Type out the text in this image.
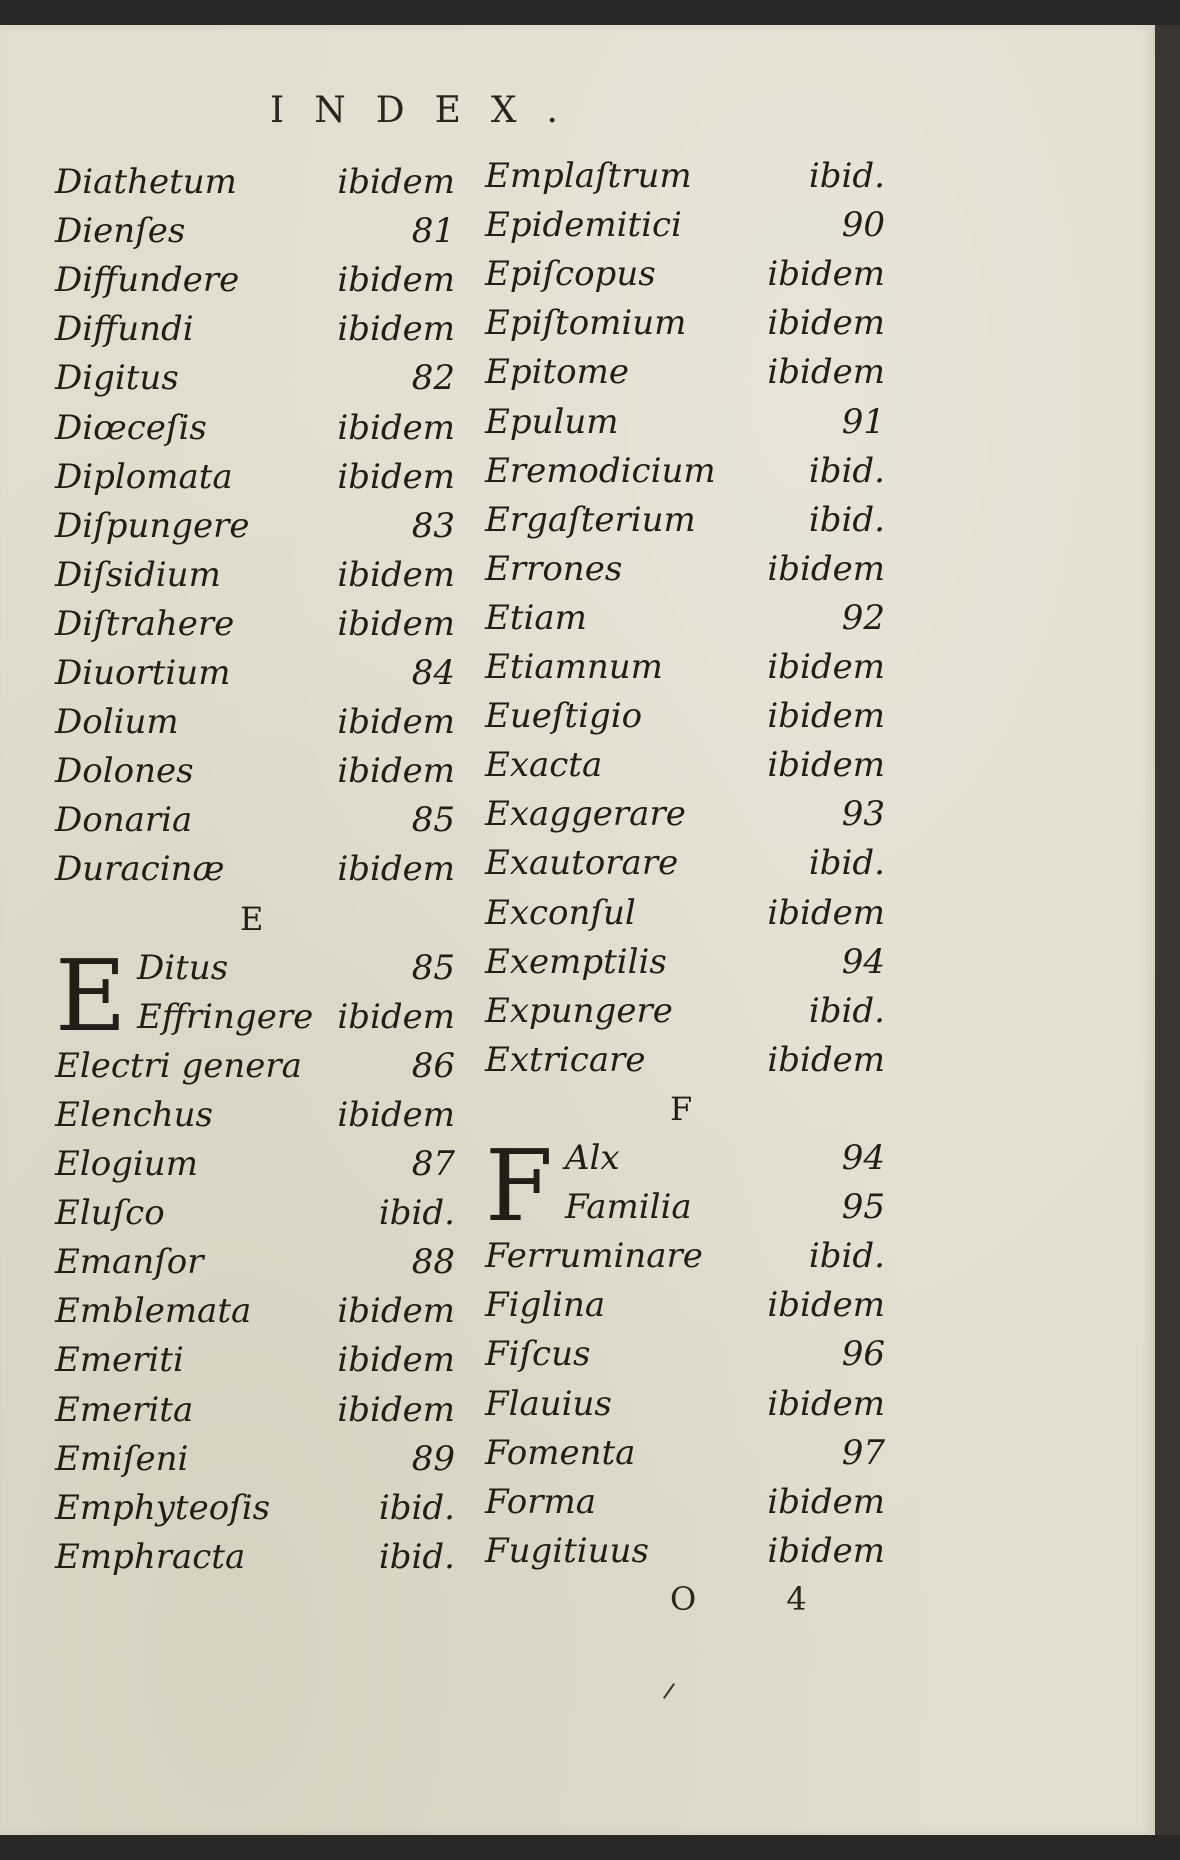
INDEX.
Diathetum	ibidem
Dienſes	81
Diffundere	ibidem
Diffundi	ibidem
Digitus	82
Diœceſis	ibidem
Diplomata	ibidem
Diſpungere	83
Diſsidium	ibidem
Diſtrahere	ibidem
Diuortium	84
Dolium	ibidem
Dolones	ibidem
Donaria	85
Duracinæ	ibidem
E
E Ditus	85
Effringere ibidem
Electri genera	86
Elenchus	ibidem
Elogium	87
Eluſco	ibid.
Emanſor	88
Emblemata	ibidem
Emeriti	ibidem
Emerita	ibidem
Emiſeni	89
Emphyteoſis	ibid.
Emphracta	ibid.
Emplaſtrum	ibid.
Epidemitici	90
Epiſcopus	ibidem
Epiſtomium	ibidem
Epitome	ibidem
Epulum	91
Eremodicium	ibid.
Ergaſterium	ibid.
Errones	ibidem
Etiam	92
Etiamnum	ibidem
Eueſtigio	ibidem
Exacta	ibidem
Exaggerare	93
Exautorare	ibid.
Exconſul	ibidem
Exemptilis	94
Expungere	ibid.
Extricare	ibidem
F
F Alx	94
Familia	95
Ferruminare	ibid.
Figlina	ibidem
Fiſcus	96
Flauius	ibidem
Fomenta	97
Forma	ibidem
Fugitiuus	ibidem
O 4
